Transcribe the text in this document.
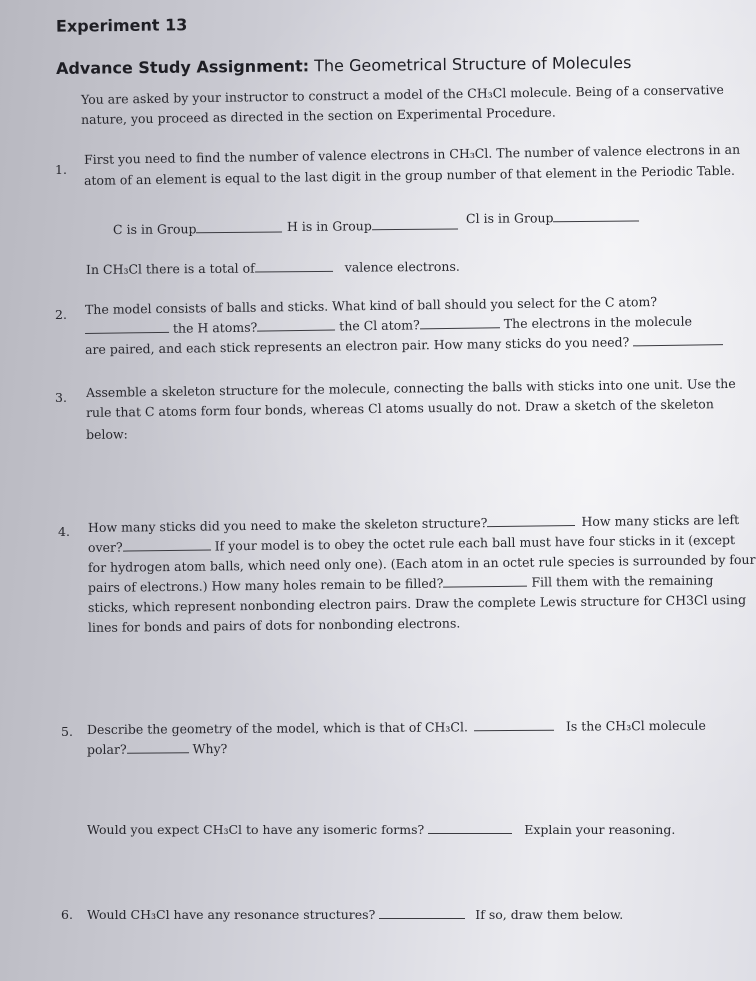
Experiment 13
Advance Study Assignment: The Geometrical Structure of Molecules
You are asked by your instructor to construct a model of the CH₃Cl molecule. Being of a conservative
nature, you proceed as directed in the section on Experimental Procedure.
1.
First you need to find the number of valence electrons in CH₃Cl. The number of valence electrons in an
atom of an element is equal to the last digit in the group number of that element in the Periodic Table.
C is in Group	H is in Group
Cl is in Group
In CH₃Cl there is a total of	valence electrons.
2. The model consists of balls and sticks. What kind of ball should you select for the C atom?
the H atoms?	the Cl atom?	The electrons in the molecule
are paired, and each stick represents an electron pair. How many sticks do you need?
3. Assemble a skeleton structure for the molecule, connecting the balls with sticks into one unit. Use the
rule that C atoms form four bonds, whereas Cl atoms usually do not. Draw a sketch of the skeleton
below:
4. How many sticks did you need to make the skeleton structure?	How many sticks are left
over?	If your model is to obey the octet rule each ball must have four sticks in it (except
for hydrogen atom balls, which need only one). (Each atom in an octet rule species is surrounded by four
pairs of electrons.) How many holes remain to be filled?	Fill them with the remaining
sticks, which represent nonbonding electron pairs. Draw the complete Lewis structure for CH3Cl using
lines for bonds and pairs of dots for nonbonding electrons.
5. Describe the geometry of the model, which is that of CH₃Cl.	Is the CH₃Cl molecule
polar?	Why?
Would you expect CH₃Cl to have any isomeric forms?	Explain your reasoning.
6. Would CH₃Cl have any resonance structures?	If so, draw them below.
